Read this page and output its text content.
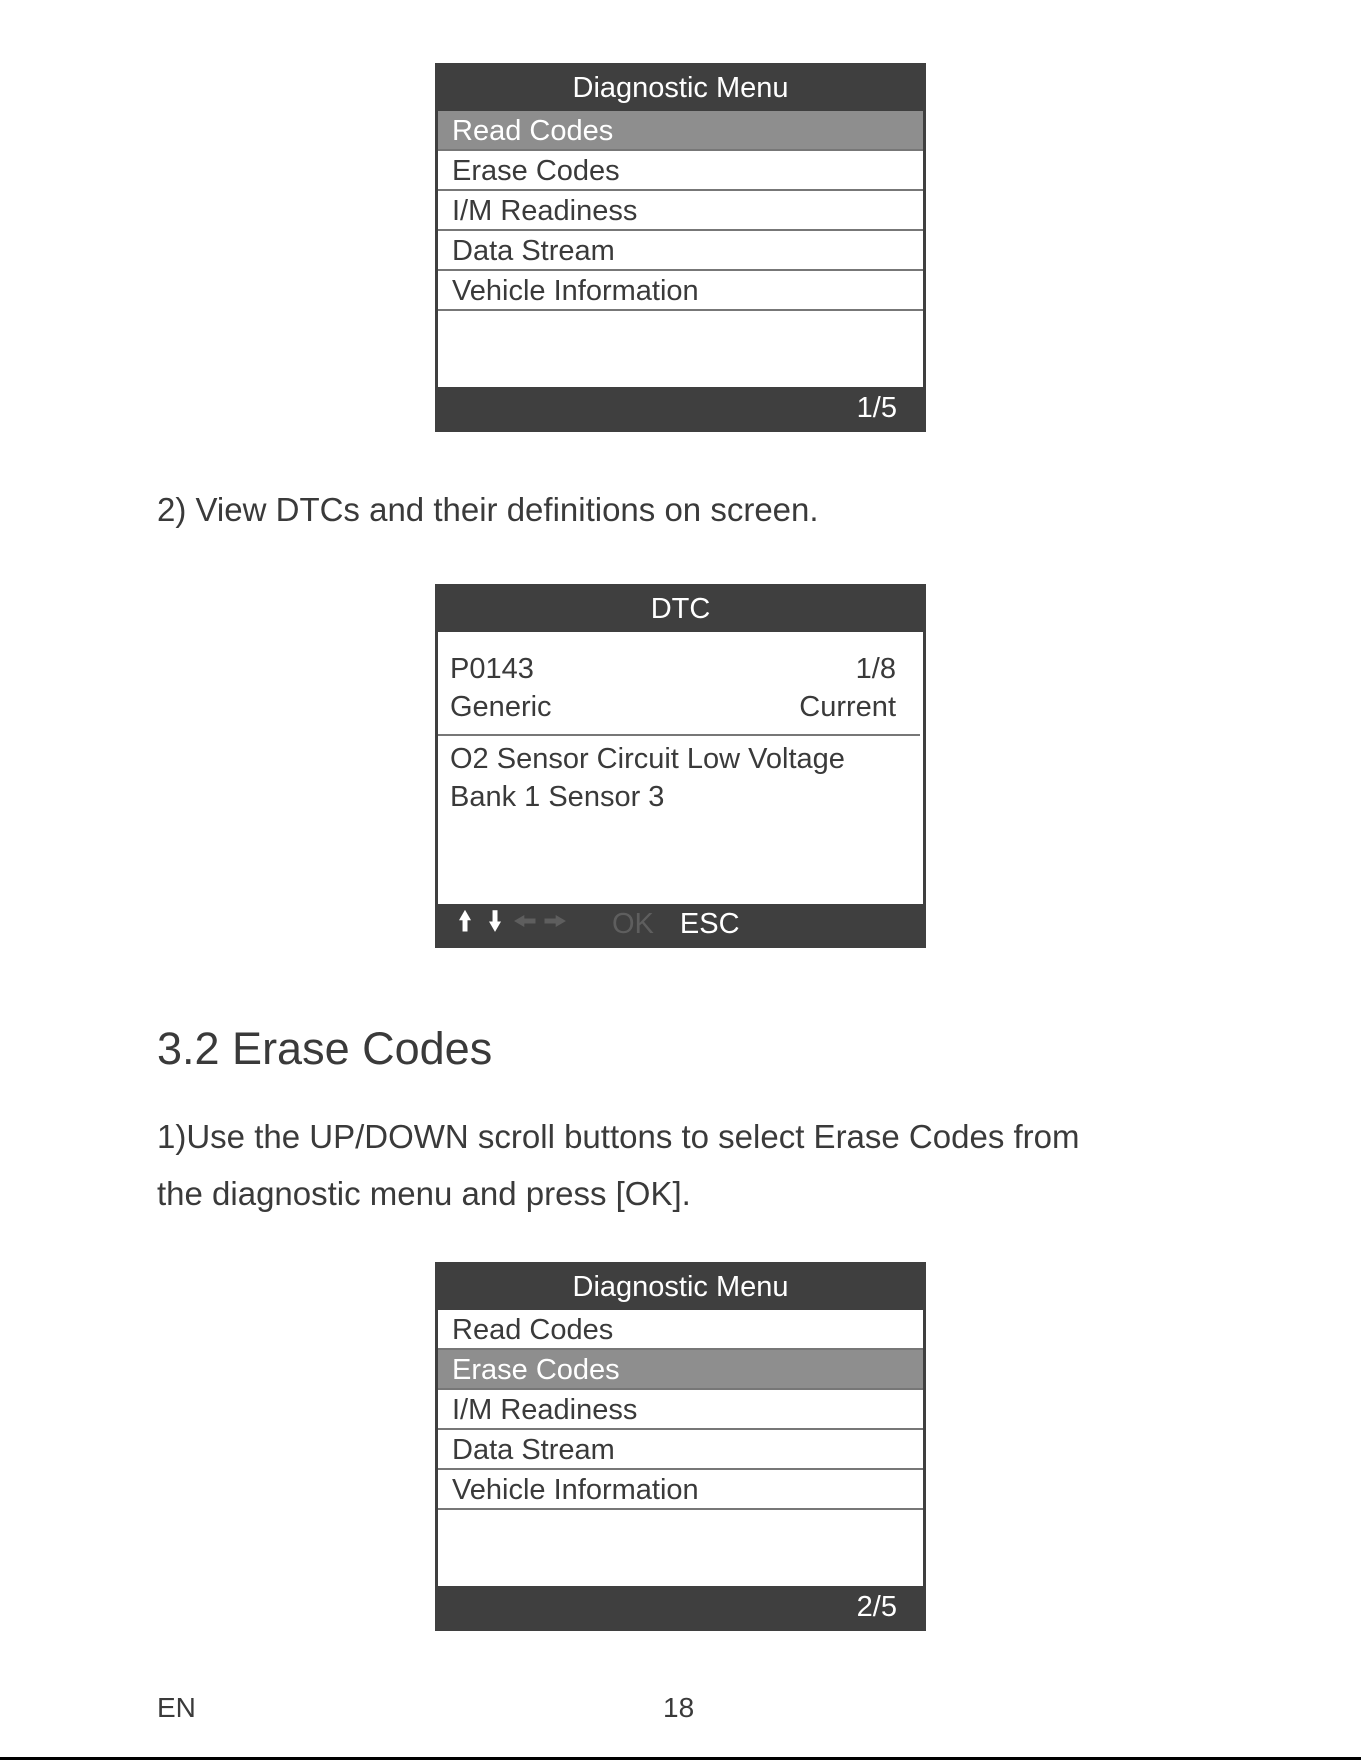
Diagnostic Menu
Read Codes
Erase Codes
I/M Readiness
Data Stream
Vehicle Information
1/5

2) View DTCs and their definitions on screen.

DTC
P0143	1/8
Generic	Current
O2 Sensor Circuit Low Voltage
Bank 1 Sensor 3
🠙 🠛 🠘 🠚 OK ESC
3.2 Erase Codes

1)Use the UP/DOWN scroll buttons to select Erase Codes from

the diagnostic menu and press [OK].

Diagnostic Menu
Read Codes
Erase Codes
I/M Readiness
Data Stream
Vehicle Information
2/5
EN	18
